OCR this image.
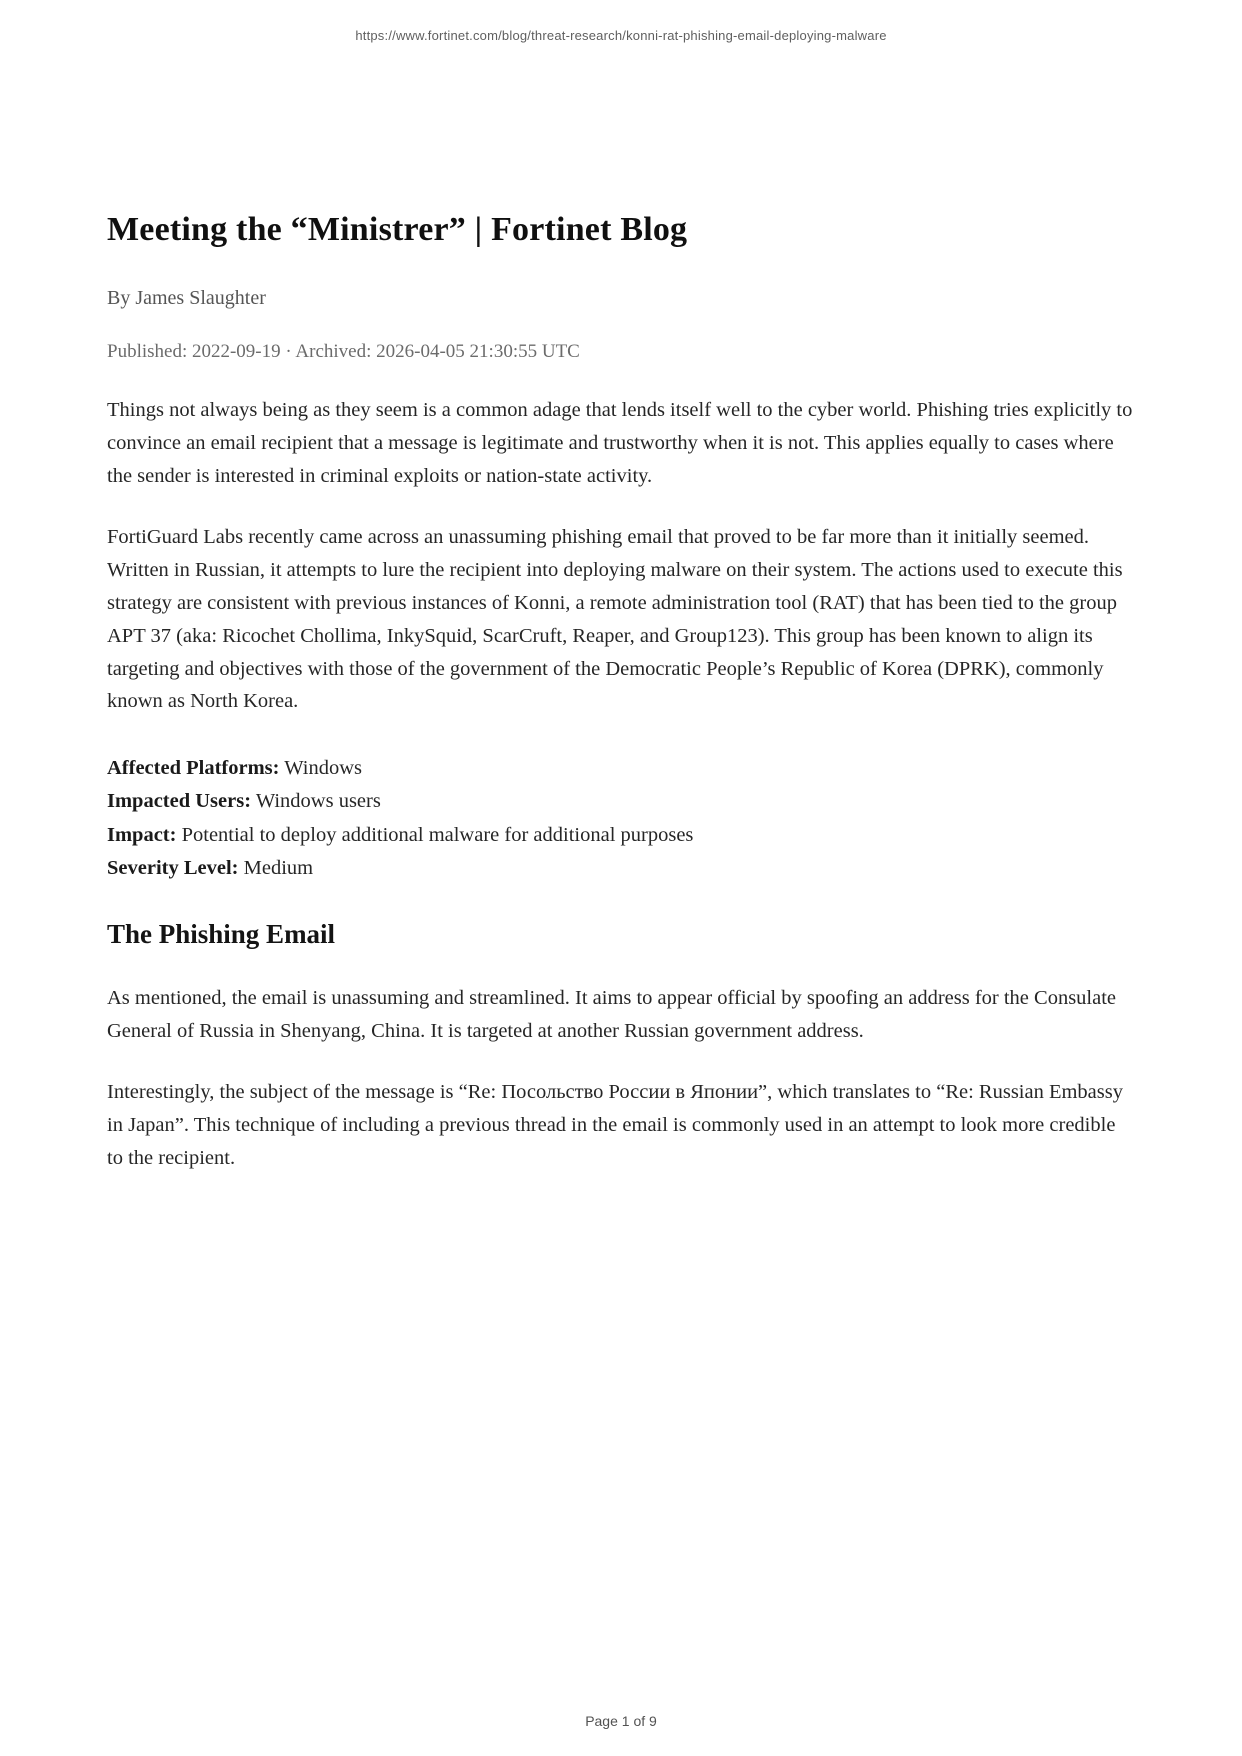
https://www.fortinet.com/blog/threat-research/konni-rat-phishing-email-deploying-malware
Meeting the “Ministrer” | Fortinet Blog

By James Slaughter

Published: 2022-09-19 · Archived: 2026-04-05 21:30:55 UTC

Things not always being as they seem is a common adage that lends itself well to the cyber world. Phishing tries explicitly to convince an email recipient that a message is legitimate and trustworthy when it is not. This applies equally to cases where the sender is interested in criminal exploits or nation-state activity.

FortiGuard Labs recently came across an unassuming phishing email that proved to be far more than it initially seemed. Written in Russian, it attempts to lure the recipient into deploying malware on their system. The actions used to execute this strategy are consistent with previous instances of Konni, a remote administration tool (RAT) that has been tied to the group APT 37 (aka: Ricochet Chollima, InkySquid, ScarCruft, Reaper, and Group123). This group has been known to align its targeting and objectives with those of the government of the Democratic People’s Republic of Korea (DPRK), commonly known as North Korea.

Affected Platforms: Windows
Impacted Users: Windows users
Impact: Potential to deploy additional malware for additional purposes
Severity Level: Medium
The Phishing Email

As mentioned, the email is unassuming and streamlined. It aims to appear official by spoofing an address for the Consulate General of Russia in Shenyang, China. It is targeted at another Russian government address.

Interestingly, the subject of the message is “Re: Посольство России в Японии”, which translates to “Re: Russian Embassy in Japan”. This technique of including a previous thread in the email is commonly used in an attempt to look more credible to the recipient.

Page 1 of 9
